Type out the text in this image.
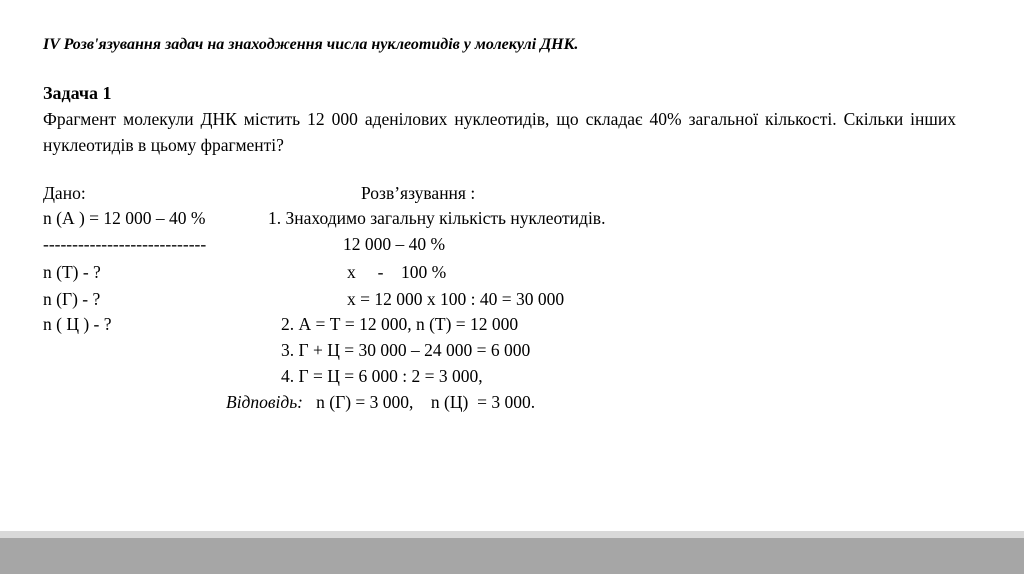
IV Розв'язування задач на знаходження числа нуклеотидів у молекулі ДНК.
Задача 1
Фрагмент молекули ДНК містить 12 000 аденілових нуклеотидів, що складає 40% загальної кількості. Скільки інших нуклеотидів в цьому фрагменті?
Дано:
n (А ) = 12 000 – 40 %
----------------------------
n (Т) - ?
n (Г) - ?
n ( Ц ) - ?
Розв’язування :
1. Знаходимо загальну кількість нуклеотидів.
12 000 – 40 %
х     -    100 %
х = 12 000 х 100 : 40 = 30 000
2. А = Т = 12 000, n (Т) = 12 000
3. Г + Ц = 30 000 – 24 000 = 6 000
4. Г = Ц = 6 000 : 2 = 3 000,
Відповідь: n (Г) = 3 000,    n (Ц)  = 3 000.
